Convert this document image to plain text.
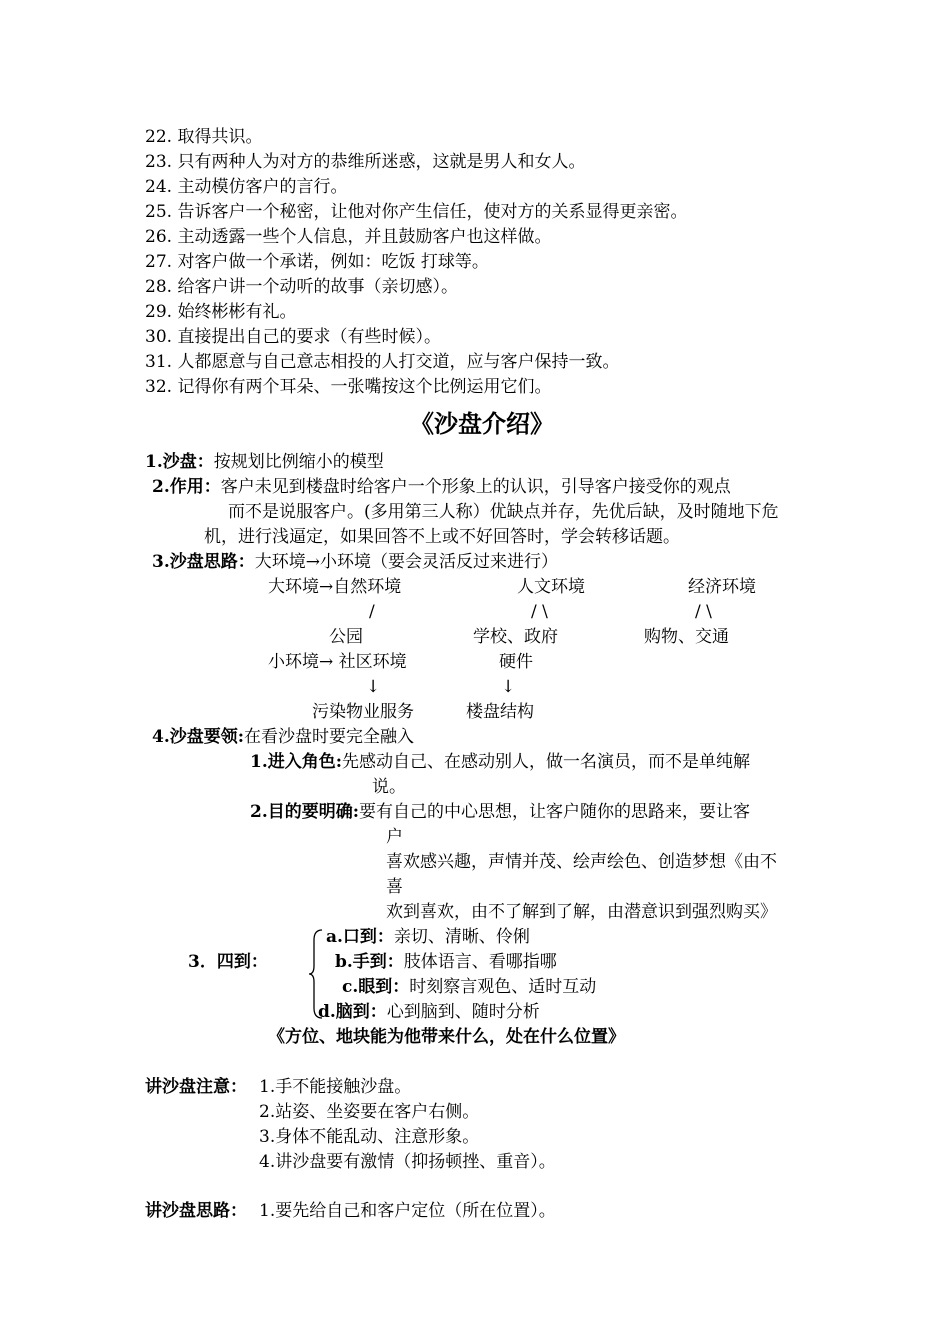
22. 取得共识。
23. 只有两种人为对方的恭维所迷惑，这就是男人和女人。
24. 主动模仿客户的言行。
25. 告诉客户一个秘密，让他对你产生信任，使对方的关系显得更亲密。
26. 主动透露一些个人信息，并且鼓励客户也这样做。
27. 对客户做一个承诺，例如：吃饭 打球等。
28. 给客户讲一个动听的故事（亲切感）。
29. 始终彬彬有礼。
30. 直接提出自己的要求（有些时候）。
31. 人都愿意与自己意志相投的人打交道，应与客户保持一致。
32. 记得你有两个耳朵、一张嘴按这个比例运用它们。
《沙盘介绍》
1.沙盘：按规划比例缩小的模型
2.作用：客户未见到楼盘时给客户一个形象上的认识，引导客户接受你的观点
而不是说服客户。(多用第三人称）优缺点并存，先优后缺，及时随地下危
机，进行浅逼定，如果回答不上或不好回答时，学会转移话题。
3.沙盘思路：大环境→小环境（要会灵活反过来进行）
大环境→自然环境	人文环境	经济环境
/	/ \	/ \
公园	学校、政府	购物、交通
小环境→ 社区环境	硬件
↓	↓
污染物业服务	楼盘结构
4.沙盘要领:在看沙盘时要完全融入
1.进入角色:先感动自己、在感动别人，做一名演员，而不是单纯解
说。
2.目的要明确:要有自己的中心思想，让客户随你的思路来，要让客
户
喜欢感兴趣，声情并茂、绘声绘色、创造梦想《由不
喜
欢到喜欢，由不了解到了解，由潜意识到强烈购买》
3．四到：
a.口到：亲切、清晰、伶俐
b.手到：肢体语言、看哪指哪
c.眼到：时刻察言观色、适时互动
d.脑到：心到脑到、随时分析
《方位、地块能为他带来什么，处在什么位置》
讲沙盘注意： 1.手不能接触沙盘。
2.站姿、坐姿要在客户右侧。
3.身体不能乱动、注意形象。
4.讲沙盘要有激情（抑扬顿挫、重音）。
讲沙盘思路： 1.要先给自己和客户定位（所在位置）。
